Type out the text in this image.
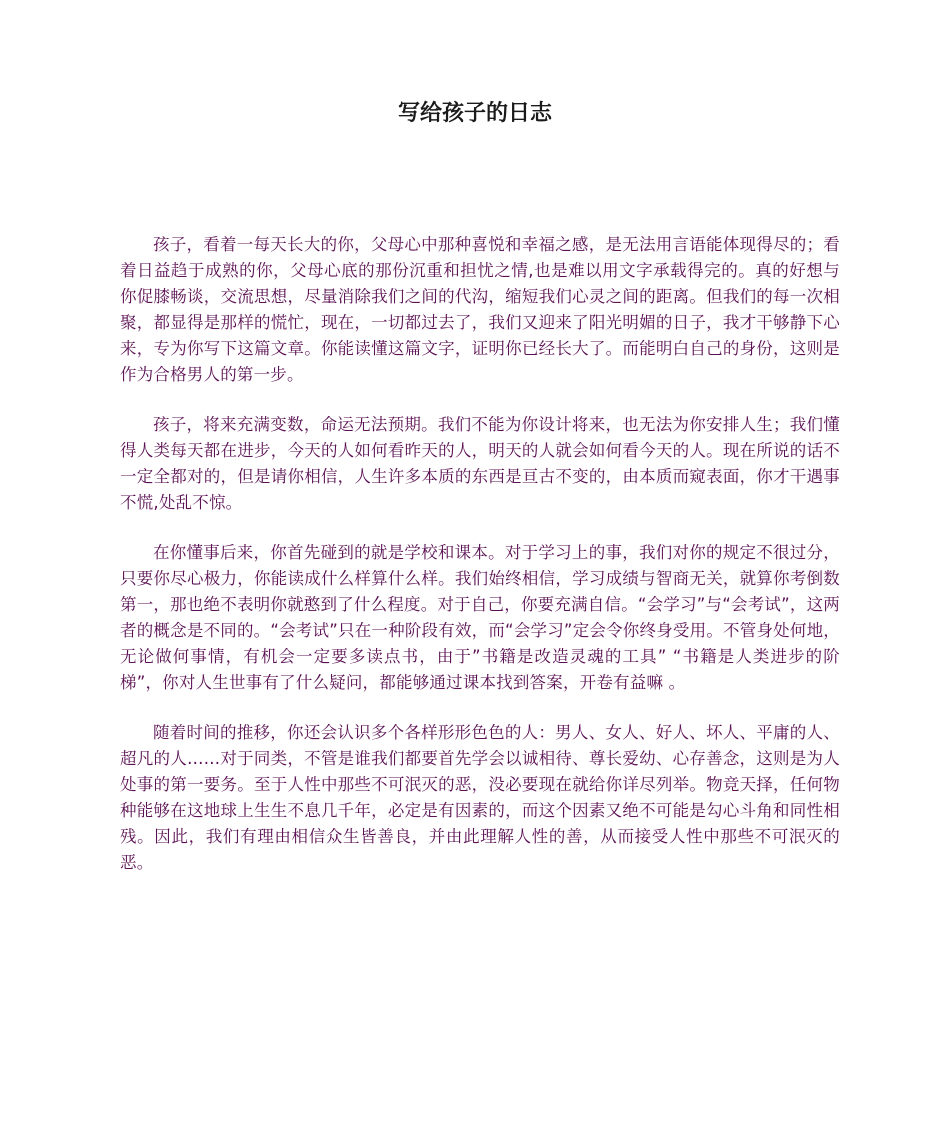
写给孩子的日志

孩子，看着一每天长大的你，父母心中那种喜悦和幸福之感，是无法用言语能体现得尽的；看着日益趋于成熟的你，父母心底的那份沉重和担忧之情,也是难以用文字承载得完的。真的好想与你促膝畅谈，交流思想，尽量消除我们之间的代沟，缩短我们心灵之间的距离。但我们的每一次相聚，都显得是那样的慌忙，现在，一切都过去了，我们又迎来了阳光明媚的日子，我才干够静下心来，专为你写下这篇文章。你能读懂这篇文字，证明你已经长大了。而能明白自己的身份，这则是作为合格男人的第一步。

孩子，将来充满变数，命运无法预期。我们不能为你设计将来，也无法为你安排人生；我们懂得人类每天都在进步，今天的人如何看昨天的人，明天的人就会如何看今天的人。现在所说的话不一定全都对的，但是请你相信，人生许多本质的东西是亘古不变的，由本质而窥表面，你才干遇事不慌,处乱不惊。

在你懂事后来，你首先碰到的就是学校和课本。对于学习上的事，我们对你的规定不很过分，只要你尽心极力，你能读成什么样算什么样。我们始终相信，学习成绩与智商无关，就算你考倒数第一，那也绝不表明你就憨到了什么程度。对于自己，你要充满自信。“会学习”与“会考试”，这两者的概念是不同的。“会考试”只在一种阶段有效，而“会学习”定会令你终身受用。不管身处何地，无论做何事情，有机会一定要多读点书，由于”书籍是改造灵魂的工具” “书籍是人类进步的阶梯”，你对人生世事有了什么疑问，都能够通过课本找到答案，开卷有益嘛 。

随着时间的推移，你还会认识多个各样形形色色的人：男人、女人、好人、坏人、平庸的人、超凡的人……对于同类，不管是谁我们都要首先学会以诚相待、尊长爱幼、心存善念，这则是为人处事的第一要务。至于人性中那些不可泯灭的恶，没必要现在就给你详尽列举。物竞天择，任何物种能够在这地球上生生不息几千年，必定是有因素的，而这个因素又绝不可能是勾心斗角和同性相残。因此，我们有理由相信众生皆善良，并由此理解人性的善，从而接受人性中那些不可泯灭的恶。
